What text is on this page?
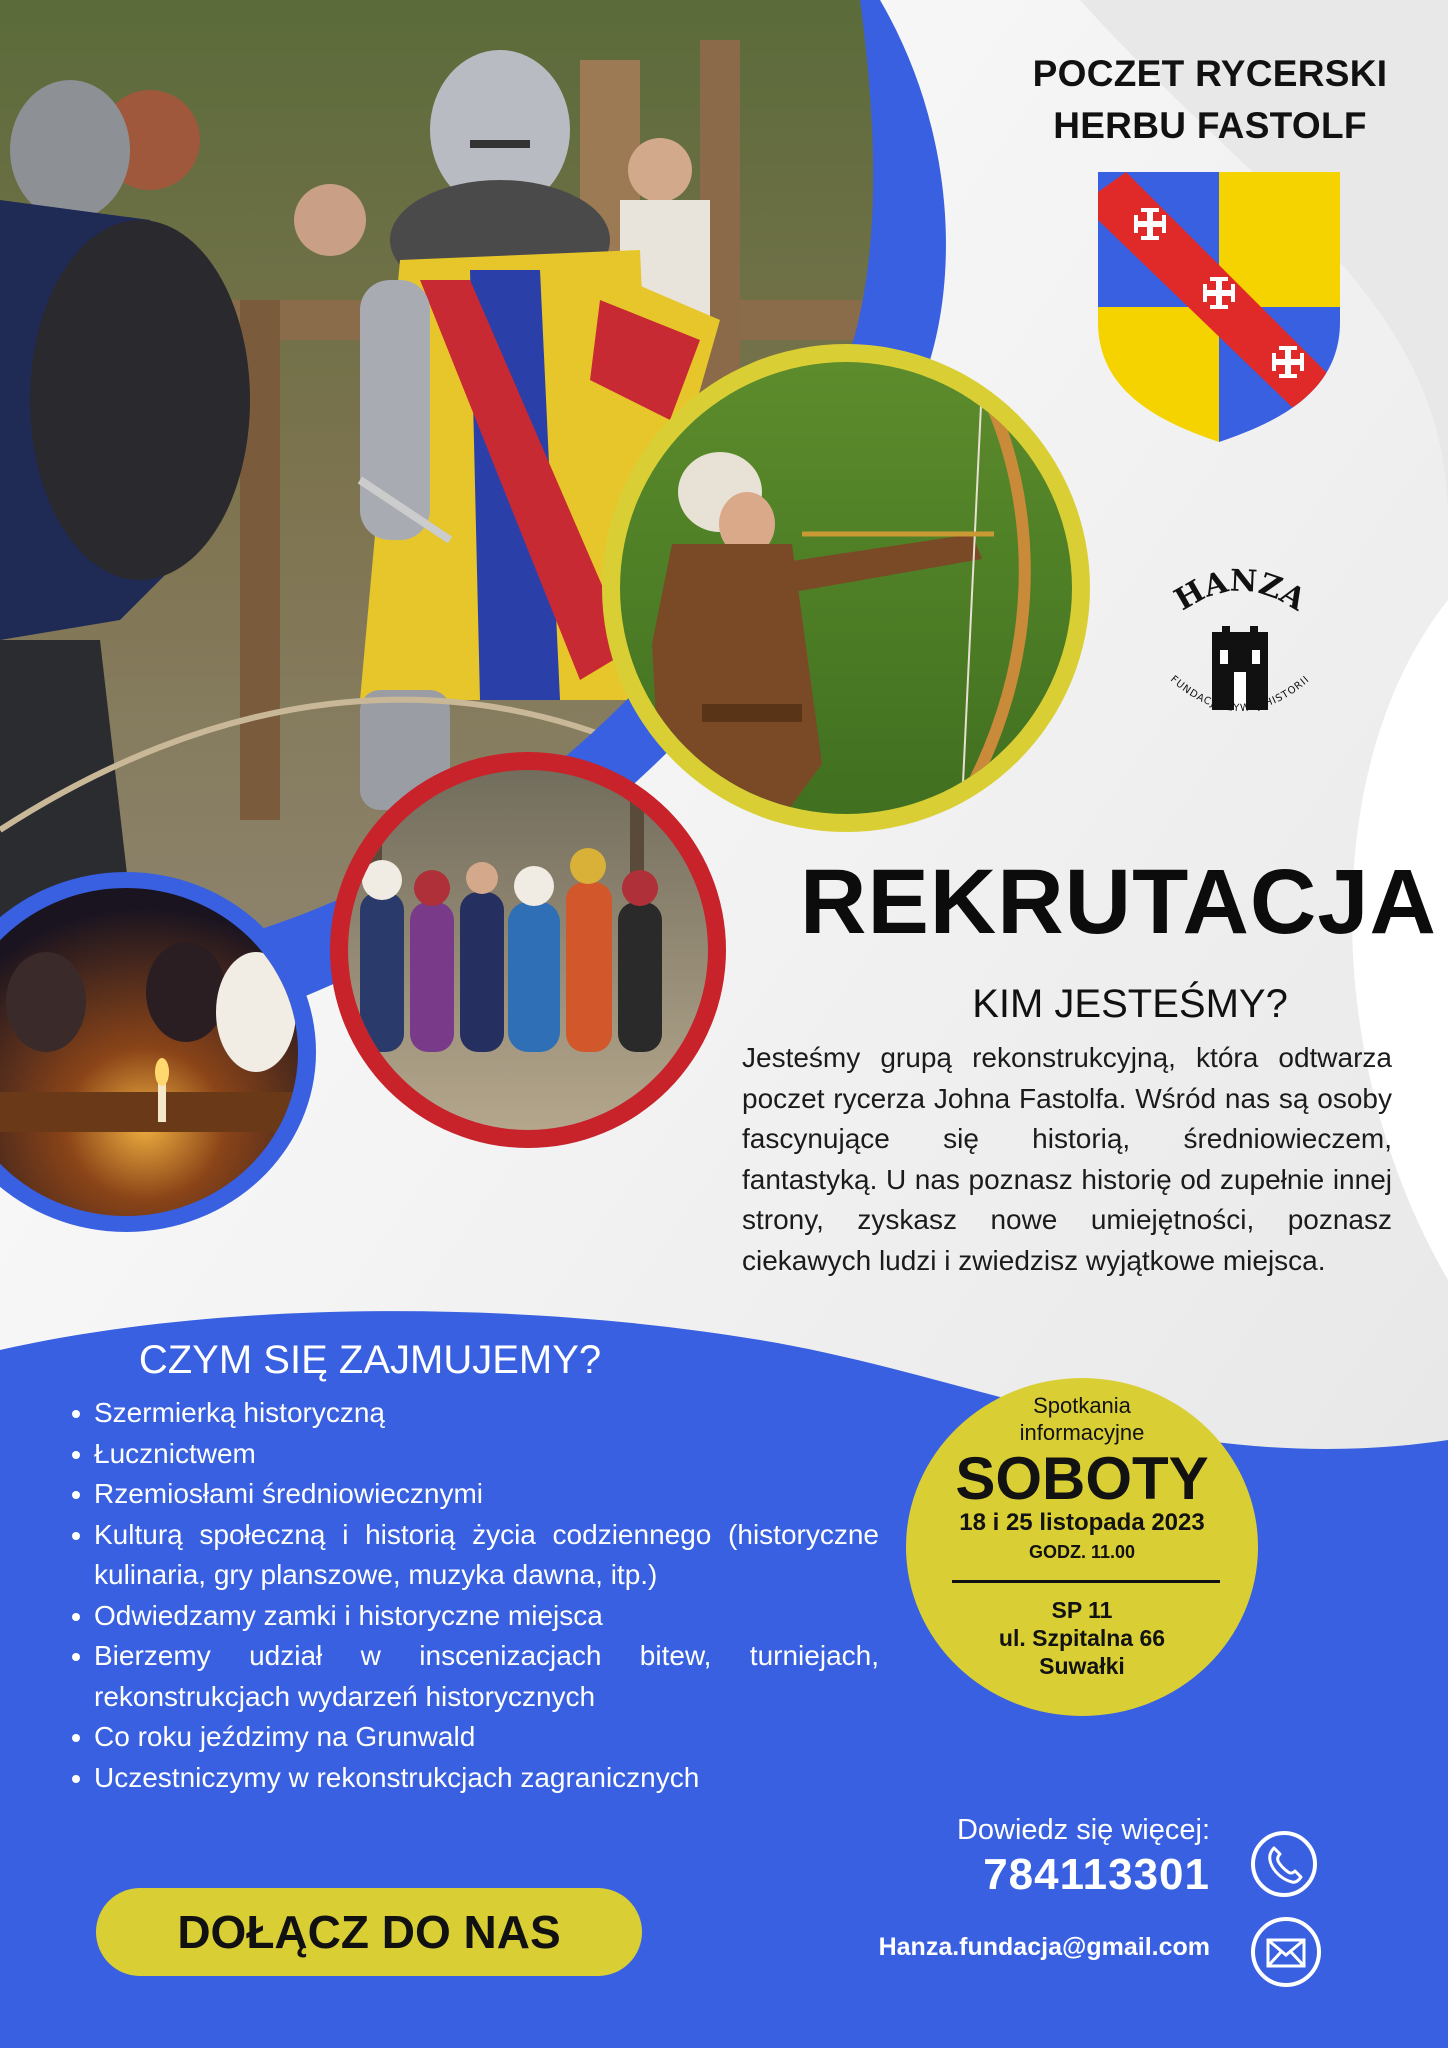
POCZET RYCERSKI
HERBU FASTOLF
HANZA
FUNDACJA ŻYWEJ HISTORII
REKRUTACJA
KIM JESTEŚMY?
Jesteśmy grupą rekonstrukcyjną, która odtwarza poczet rycerza Johna Fastolfa. Wśród nas są osoby fascynujące się historią, średniowieczem, fantastyką. U nas poznasz historię od zupełnie innej strony, zyskasz nowe umiejętności, poznasz ciekawych ludzi i zwiedzisz wyjątkowe miejsca.
CZYM SIĘ ZAJMUJEMY?
Szermierką historyczną
Łucznictwem
Rzemiosłami średniowiecznymi
Kulturą społeczną i historią życia codziennego (historyczne kulinaria, gry planszowe, muzyka dawna, itp.)
Odwiedzamy zamki i historyczne miejsca
Bierzemy udział w inscenizacjach bitew, turniejach, rekonstrukcjach wydarzeń historycznych
Co roku jeździmy na Grunwald
Uczestniczymy w rekonstrukcjach zagranicznych
DOŁĄCZ DO NAS
Spotkania
informacyjne
SOBOTY
18 i 25 listopada 2023
GODZ. 11.00
SP 11
ul. Szpitalna 66
Suwałki
Dowiedz się więcej:
784113301
Hanza.fundacja@gmail.com
